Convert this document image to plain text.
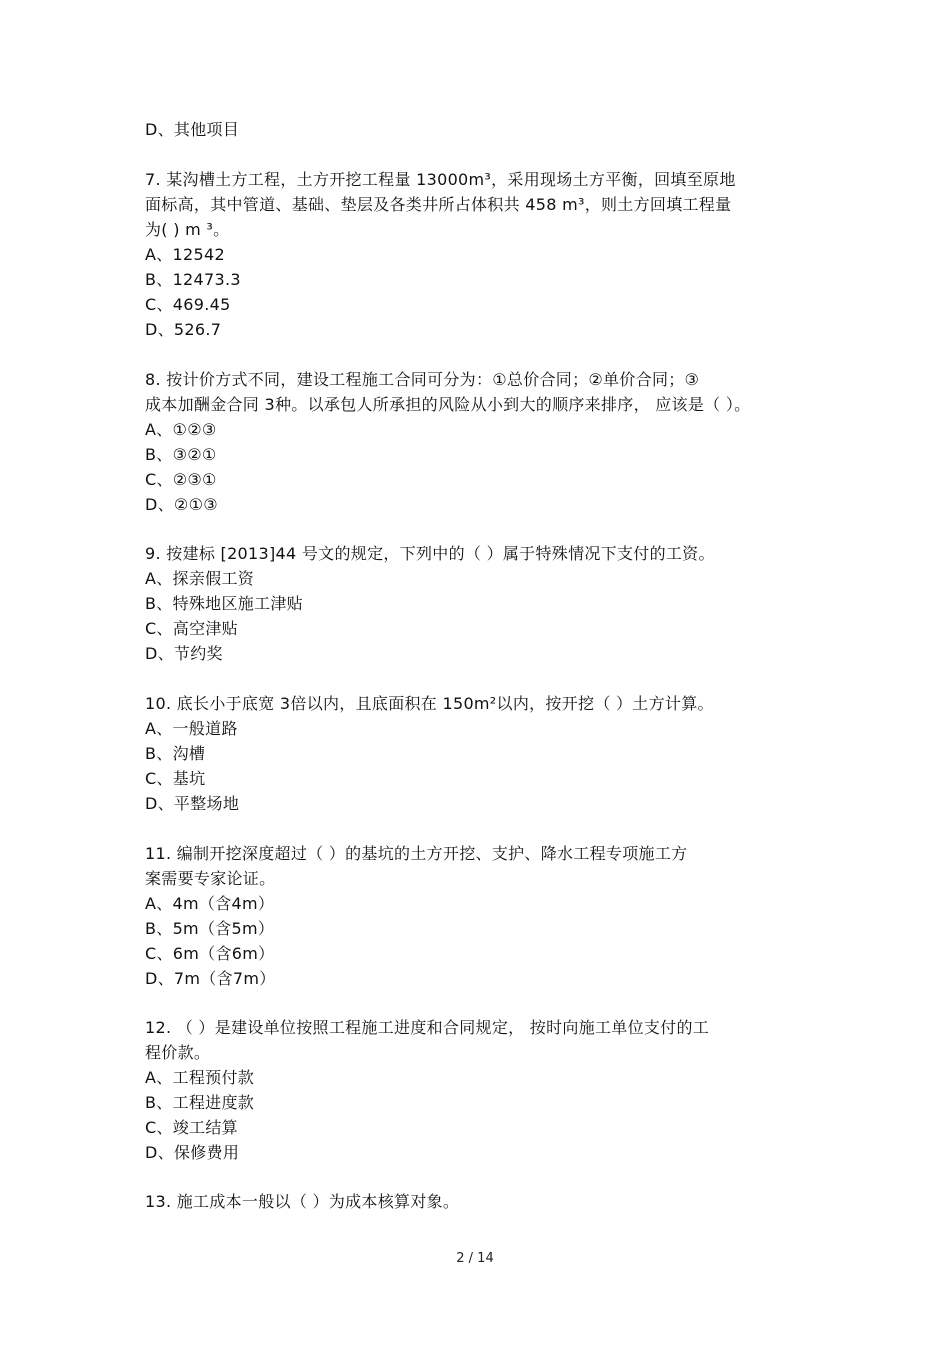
D、其他项目
7. 某沟槽土方工程，土方开挖工程量 13000m³，采用现场土方平衡，回填至原地
面标高，其中管道、基础、垫层及各类井所占体积共 458 m³，则土方回填工程量
为( ) m ³。
A、12542
B、12473.3
C、469.45
D、526.7
8. 按计价方式不同，建设工程施工合同可分为：①总价合同；②单价合同；③
成本加酬金合同 3种。以承包人所承担的风险从小到大的顺序来排序， 应该是（ ）。
A、①②③
B、③②①
C、②③①
D、②①③
9. 按建标 [2013]44 号文的规定，下列中的（ ）属于特殊情况下支付的工资。
A、探亲假工资
B、特殊地区施工津贴
C、高空津贴
D、节约奖
10. 底长小于底宽 3倍以内，且底面积在 150m²以内，按开挖（ ）土方计算。
A、一般道路
B、沟槽
C、基坑
D、平整场地
11. 编制开挖深度超过（ ）的基坑的土方开挖、支护、降水工程专项施工方
案需要专家论证。
A、4m（含4m）
B、5m（含5m）
C、6m（含6m）
D、7m（含7m）
12. （ ）是建设单位按照工程施工进度和合同规定， 按时向施工单位支付的工
程价款。
A、工程预付款
B、工程进度款
C、竣工结算
D、保修费用
13. 施工成本一般以（ ）为成本核算对象。
2 / 14
